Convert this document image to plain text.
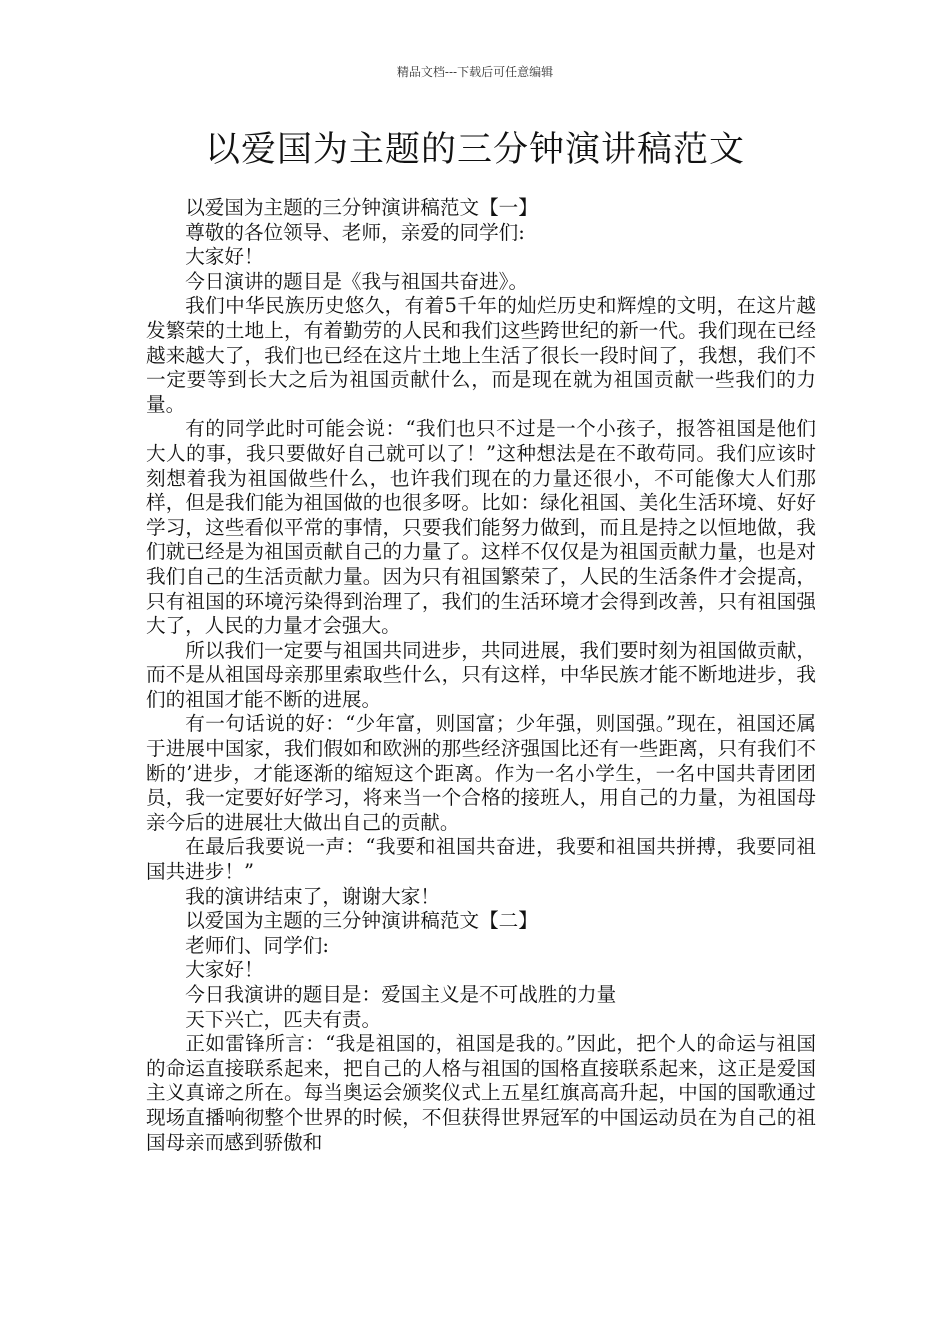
精品文档---下载后可任意编辑
以爱国为主题的三分钟演讲稿范文

以爱国为主题的三分钟演讲稿范文【一】

尊敬的各位领导、老师，亲爱的同学们:

大家好！

今日演讲的题目是《我与祖国共奋进》。

我们中华民族历史悠久，有着5千年的灿烂历史和辉煌的文明，在这片越发繁荣的土地上，有着勤劳的人民和我们这些跨世纪的新一代。我们现在已经越来越大了，我们也已经在这片土地上生活了很长一段时间了，我想，我们不一定要等到长大之后为祖国贡献什么，而是现在就为祖国贡献一些我们的力量。

有的同学此时可能会说：“我们也只不过是一个小孩子，报答祖国是他们大人的事，我只要做好自己就可以了！”这种想法是在不敢苟同。我们应该时刻想着我为祖国做些什么，也许我们现在的力量还很小，不可能像大人们那样，但是我们能为祖国做的也很多呀。比如：绿化祖国、美化生活环境、好好学习，这些看似平常的事情，只要我们能努力做到，而且是持之以恒地做，我们就已经是为祖国贡献自己的力量了。这样不仅仅是为祖国贡献力量，也是对我们自己的生活贡献力量。因为只有祖国繁荣了，人民的生活条件才会提高，只有祖国的环境污染得到治理了，我们的生活环境才会得到改善，只有祖国强大了，人民的力量才会强大。

所以我们一定要与祖国共同进步，共同进展，我们要时刻为祖国做贡献，而不是从祖国母亲那里索取些什么，只有这样，中华民族才能不断地进步，我们的祖国才能不断的进展。

有一句话说的好：“少年富，则国富；少年强，则国强。”现在，祖国还属于进展中国家，我们假如和欧洲的那些经济强国比还有一些距离，只有我们不断的’进步，才能逐渐的缩短这个距离。作为一名小学生，一名中国共青团团员，我一定要好好学习，将来当一个合格的接班人，用自己的力量，为祖国母亲今后的进展壮大做出自己的贡献。

在最后我要说一声：“我要和祖国共奋进，我要和祖国共拼搏，我要同祖国共进步！”

我的演讲结束了，谢谢大家！

以爱国为主题的三分钟演讲稿范文【二】

老师们、同学们:

大家好！

今日我演讲的题目是：爱国主义是不可战胜的力量

天下兴亡，匹夫有责。

正如雷锋所言：“我是祖国的，祖国是我的。”因此，把个人的命运与祖国的命运直接联系起来，把自己的人格与祖国的国格直接联系起来，这正是爱国主义真谛之所在。每当奥运会颁奖仪式上五星红旗高高升起，中国的国歌通过现场直播响彻整个世界的时候，不但获得世界冠军的中国运动员在为自己的祖国母亲而感到骄傲和
